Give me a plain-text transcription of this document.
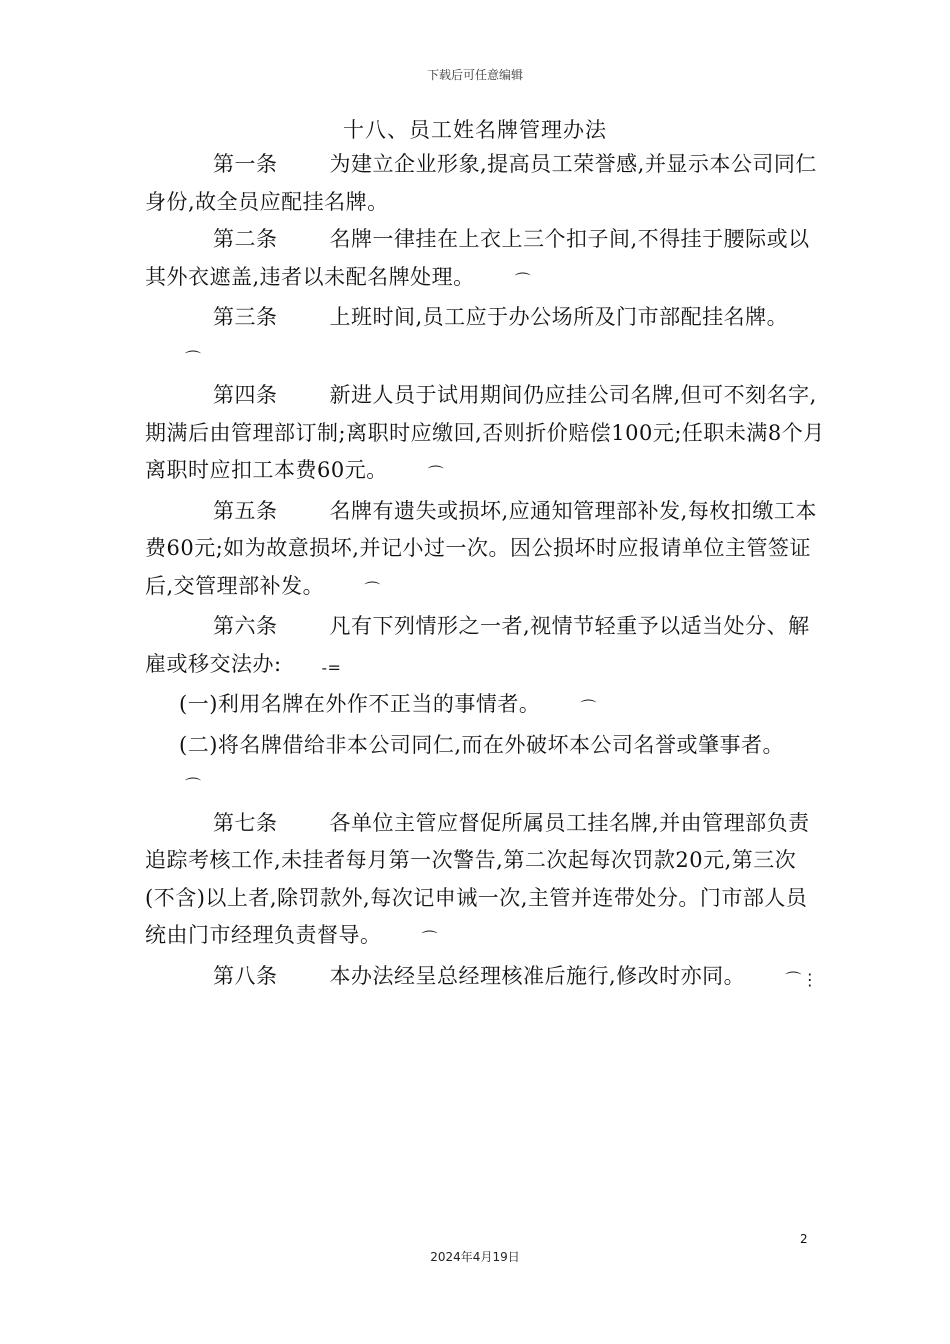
下载后可任意编辑
十八、员工姓名牌管理办法

第一条 为建立企业形象,提高员工荣誉感,并显示本公司同仁身份,故全员应配挂名牌。

第二条 名牌一律挂在上衣上三个扣子间,不得挂于腰际或以其外衣遮盖,违者以未配名牌处理。	⌒

第三条 上班时间,员工应于办公场所及门市部配挂名牌。⌒

第四条 新进人员于试用期间仍应挂公司名牌,但可不刻名字,期满后由管理部订制;离职时应缴回,否则折价赔偿100元;任职未满8个月离职时应扣工本费60元。	⌒

第五条 名牌有遗失或损坏,应通知管理部补发,每枚扣缴工本费60元;如为故意损坏,并记小过一次。因公损坏时应报请单位主管签证后,交管理部补发。	⌒

第六条 凡有下列情形之一者,视情节轻重予以适当处分、解雇或移交法办:	-=

(一)利用名牌在外作不正当的事情者。	⌒

(二)将名牌借给非本公司同仁,而在外破坏本公司名誉或肇事者。⌒

第七条 各单位主管应督促所属员工挂名牌,并由管理部负责追踪考核工作,未挂者每月第一次警告,第二次起每次罚款20元,第三次(不含)以上者,除罚款外,每次记申诫一次,主管并连带处分。门市部人员统由门市经理负责督导。	⌒

第八条 本办法经呈总经理核准后施行,修改时亦同。	⌒⋮

2
2024年4月19日
